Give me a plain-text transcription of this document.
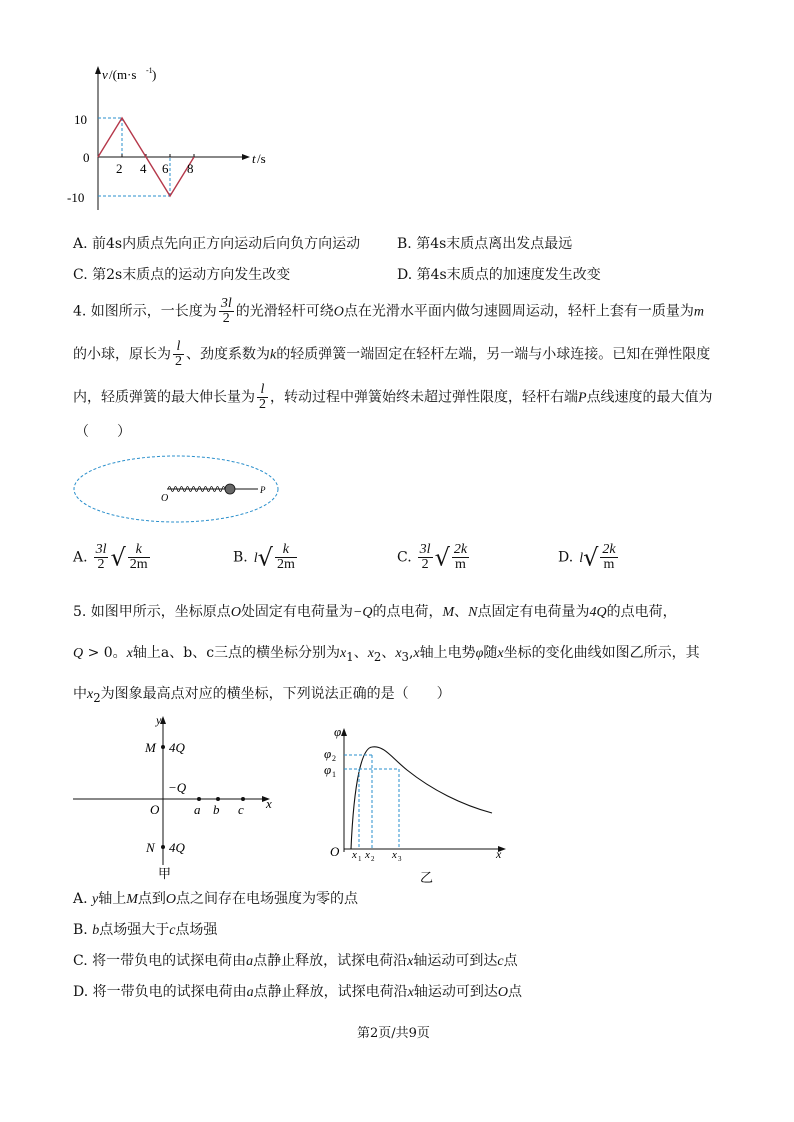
v /(m·s -1 )
t /s
10
0
-10
2 4 6 8
A. 前4s内质点先向正方向运动后向负方向运动	B. 第4s末质点离出发点最远
C. 第2s末质点的运动方向发生改变	D. 第4s末质点的加速度发生改变
4. 如图所示，一长度为 $\frac{3l}{2}$ 的光滑轻杆可绕O点在光滑水平面内做匀速圆周运动，轻杆上套有一质量为m
的小球，原长为 $\frac{l}{2}$ 、劲度系数为k的轻质弹簧一端固定在轻杆左端，另一端与小球连接。已知在弹性限度
内，轻质弹簧的最大伸长量为 $\frac{l}{2}$ ，转动过程中弹簧始终未超过弹性限度，轻杆右端P点线速度的最大值为
（　　）
O
P
A. $\frac{3l}{2}$ √ $\frac{k}{2m}$	B. $l√ \frac{k}{2m}$	C. $\frac{3l}{2}$ √ $\frac{2k}{m}$	D. $l√ \frac{2k}{m}$
5. 如图甲所示，坐标原点O处固定有电荷量为−Q的点电荷，M、N点固定有电荷量为4Q的点电荷，
Q > 0。x轴上a、b、c三点的横坐标分别为$x_1$、$x_2$、$x_3,x$轴上电势φ随x坐标的变化曲线如图乙所示，其
中$x_2$为图象最高点对应的横坐标，下列说法正确的是（　　）
y
M 4Q
−Q
O	a b c x
N 4Q
甲
φ
φ 2
φ 1
O x 1 x 2 x 3	x
乙
A. y轴上M点到O点之间存在电场强度为零的点
B. b点场强大于c点场强
C. 将一带负电的试探电荷由a点静止释放，试探电荷沿x轴运动可到达c点
D. 将一带负电的试探电荷由a点静止释放，试探电荷沿x轴运动可到达O点
第2页/共9页
